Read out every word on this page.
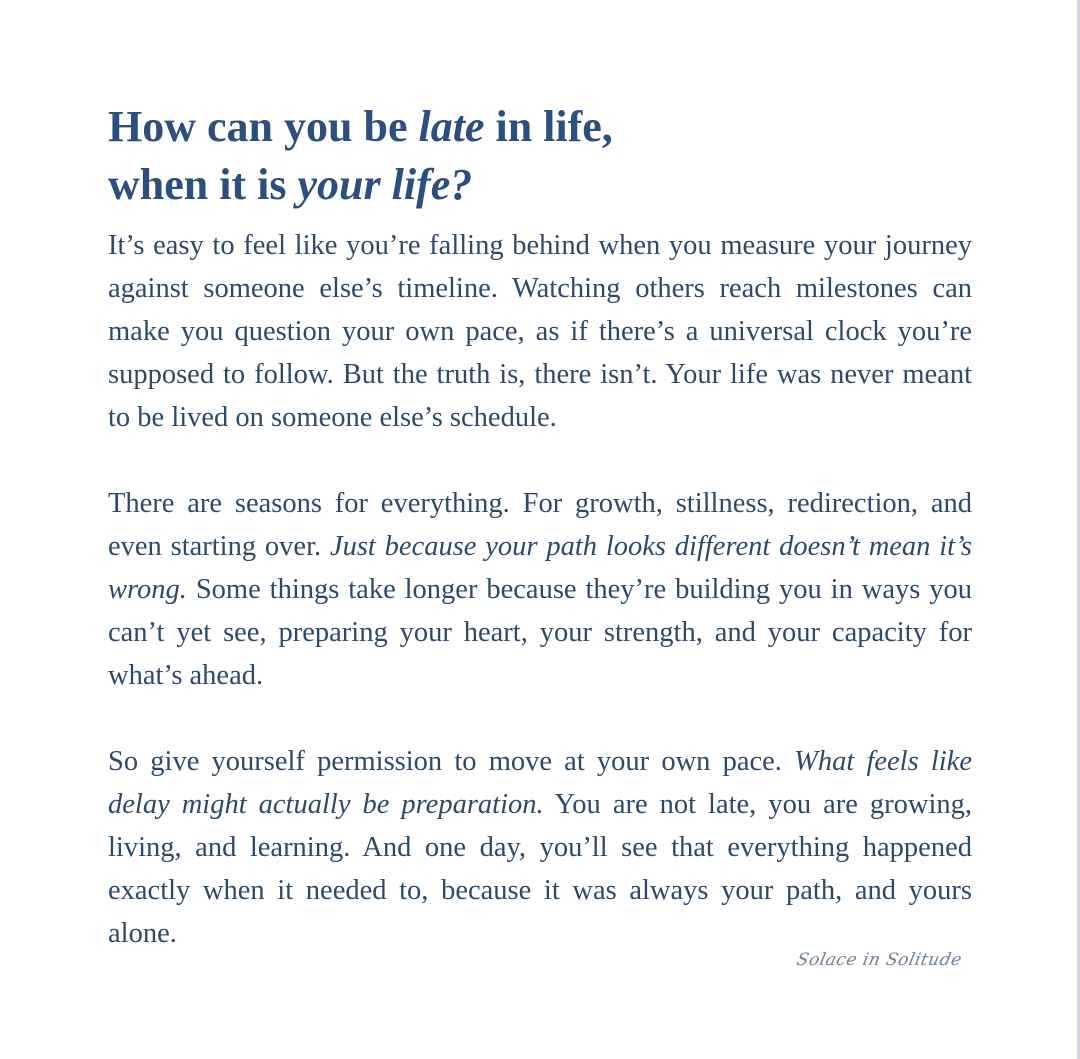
How can you be late in life,
when it is your life?

It’s easy to feel like you’re falling behind when you measure your journey against someone else’s timeline. Watching others reach milestones can make you question your own pace, as if there’s a universal clock you’re supposed to follow. But the truth is, there isn’t. Your life was never meant to be lived on someone else’s schedule.

There are seasons for everything. For growth, stillness, redirection, and even starting over. Just because your path looks different doesn’t mean it’s wrong. Some things take longer because they’re building you in ways you can’t yet see, preparing your heart, your strength, and your capacity for what’s ahead.

So give yourself permission to move at your own pace. What feels like delay might actually be preparation. You are not late, you are growing, living, and learning. And one day, you’ll see that everything happened exactly when it needed to, because it was always your path, and yours alone.

Solace in Solitude
